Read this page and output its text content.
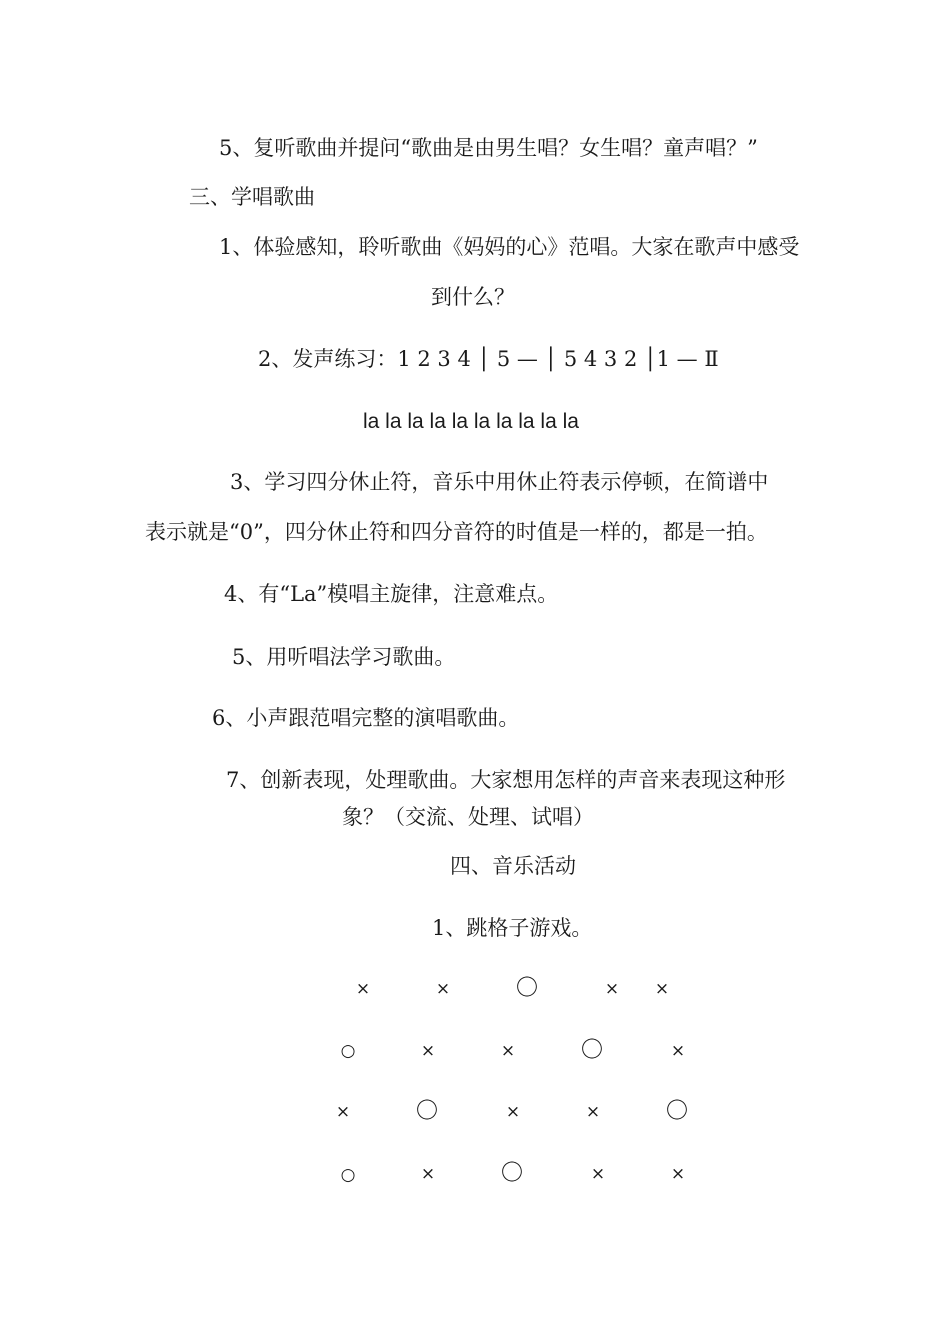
5、复听歌曲并提问“歌曲是由男生唱？女生唱？童声唱？”
三、学唱歌曲
1、体验感知，聆听歌曲《妈妈的心》范唱。大家在歌声中感受
到什么？
2、发声练习：1 2 3 4 │ 5 — │ 5 4 3 2 │1 — Ⅱ
la la la la la la la la la la
3、学习四分休止符，音乐中用休止符表示停顿，在简谱中
表示就是“0”，四分休止符和四分音符的时值是一样的，都是一拍。
4、有“La”模唱主旋律，注意难点。
5、用听唱法学习歌曲。
6、小声跟范唱完整的演唱歌曲。
7、创新表现，处理歌曲。大家想用怎样的声音来表现这种形
象？（交流、处理、试唱）
四、音乐活动
1、跳格子游戏。
×	×	〇	×	×
○	×	×	〇	×
×	〇	×	×	〇
○	×	〇	×	×
